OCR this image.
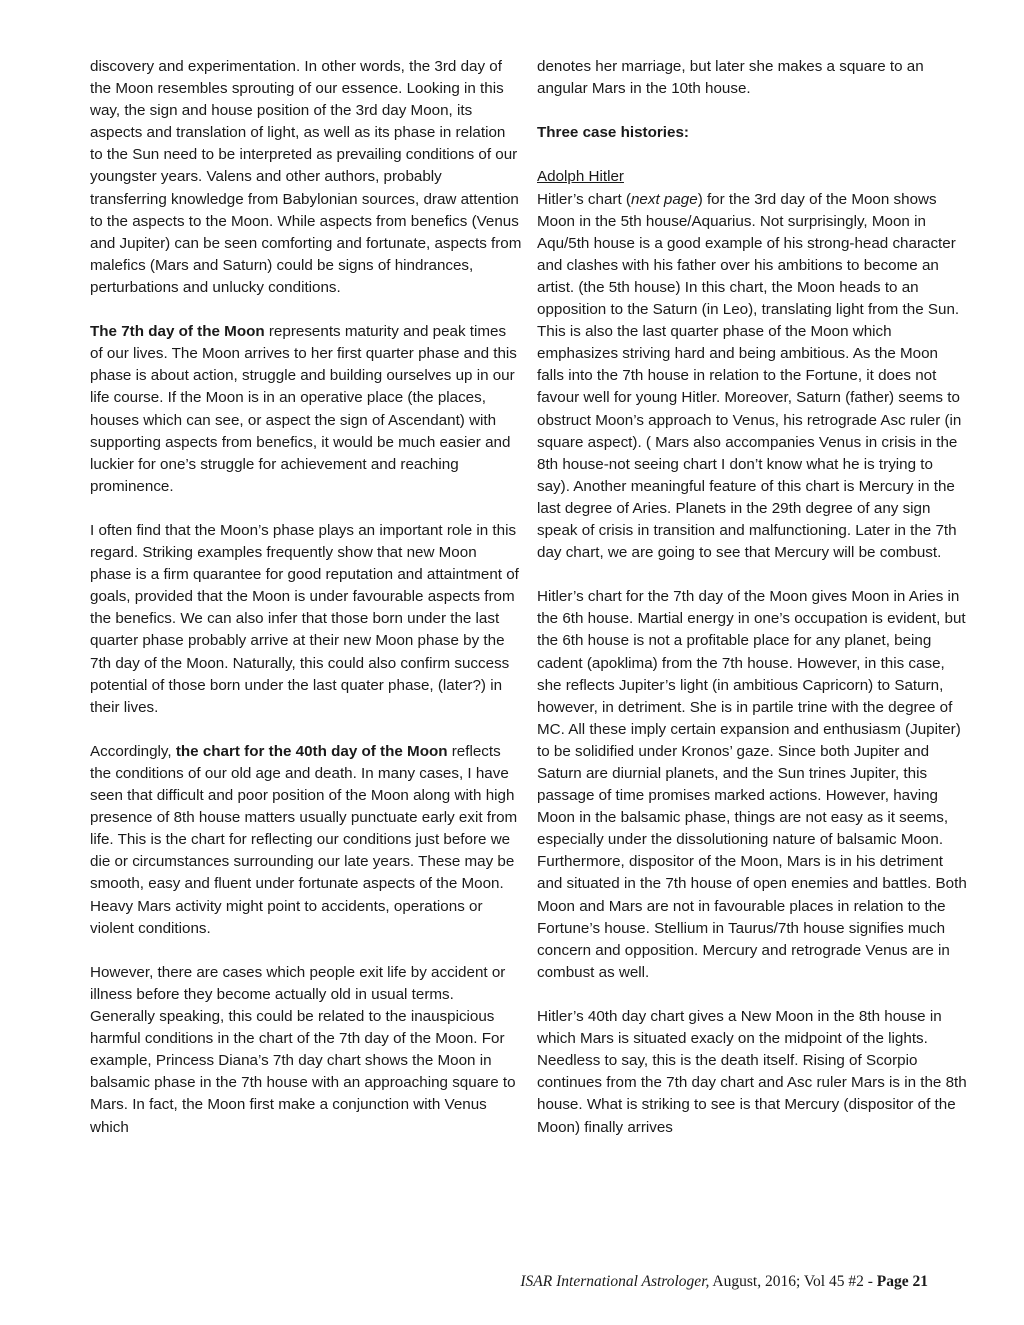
discovery and experimentation. In other words, the 3rd day of the Moon resembles sprouting of our essence. Looking in this way, the sign and house position of the 3rd day Moon, its aspects and translation of light, as well as its phase in relation to the Sun need to be interpreted as prevailing conditions of our youngster years. Valens and other authors, probably transferring knowledge from Babylonian sources, draw attention to the aspects to the Moon. While aspects from benefics (Venus and Jupiter) can be seen comforting and fortunate, aspects from malefics (Mars and Saturn) could be signs of hindrances, perturbations and unlucky conditions.

The 7th day of the Moon represents maturity and peak times of our lives. The Moon arrives to her first quarter phase and this phase is about action, struggle and building ourselves up in our life course. If the Moon is in an operative place (the places, houses which can see, or aspect the sign of Ascendant) with supporting aspects from benefics, it would be much easier and luckier for one’s struggle for achievement and reaching prominence.

I often find that the Moon’s phase plays an important role in this regard. Striking examples frequently show that new Moon phase is a firm quarantee for good reputation and attaintment of goals, provided that the Moon is under favourable aspects from the benefics. We can also infer that those born under the last quarter phase probably arrive at their new Moon phase by the 7th day of the Moon. Naturally, this could also confirm success potential of those born under the last quater phase, (later?) in their lives.

Accordingly, the chart for the 40th day of the Moon reflects the conditions of our old age and death. In many cases, I have seen that difficult and poor position of the Moon along with high presence of 8th house matters usually punctuate early exit from life. This is the chart for reflecting our conditions just before we die or circumstances surrounding our late years. These may be smooth, easy and fluent under fortunate aspects of the Moon. Heavy Mars activity might point to accidents, operations or violent conditions.

However, there are cases which people exit life by accident or illness before they become actually old in usual terms. Generally speaking, this could be related to the inauspicious harmful conditions in the chart of the 7th day of the Moon. For example, Princess Diana’s 7th day chart shows the Moon in balsamic phase in the 7th house with an approaching square to Mars. In fact, the Moon first make a conjunction with Venus which

denotes her marriage, but later she makes a square to an angular Mars in the 10th house.

Three case histories:

Adolph Hitler

Hitler’s chart (next page) for the 3rd day of the Moon shows Moon in the 5th house/Aquarius. Not surprisingly, Moon in Aqu/5th house is a good example of his strong-head character and clashes with his father over his ambitions to become an artist. (the 5th house) In this chart, the Moon heads to an opposition to the Saturn (in Leo), translating light from the Sun. This is also the last quarter phase of the Moon which emphasizes striving hard and being ambitious. As the Moon falls into the 7th house in relation to the Fortune, it does not favour well for young Hitler. Moreover, Saturn (father) seems to obstruct Moon’s approach to Venus, his retrograde Asc ruler (in square aspect). ( Mars also accompanies Venus in crisis in the 8th house-not seeing chart I don’t know what he is trying to say). Another meaningful feature of this chart is Mercury in the last degree of Aries. Planets in the 29th degree of any sign speak of crisis in transition and malfunctioning. Later in the 7th day chart, we are going to see that Mercury will be combust.

Hitler’s chart for the 7th day of the Moon gives Moon in Aries in the 6th house. Martial energy in one’s occupation is evident, but the 6th house is not a profitable place for any planet, being cadent (apoklima) from the 7th house. However, in this case, she reflects Jupiter’s light (in ambitious Capricorn) to Saturn, however, in detriment. She is in partile trine with the degree of MC. All these imply certain expansion and enthusiasm (Jupiter) to be solidified under Kronos’ gaze. Since both Jupiter and Saturn are diurnial planets, and the Sun trines Jupiter, this passage of time promises marked actions. However, having Moon in the balsamic phase, things are not easy as it seems, especially under the dissolutioning nature of balsamic Moon. Furthermore, dispositor of the Moon, Mars is in his detriment and situated in the 7th house of open enemies and battles. Both Moon and Mars are not in favourable places in relation to the Fortune’s house. Stellium in Taurus/7th house signifies much concern and opposition. Mercury and retrograde Venus are in combust as well.

Hitler’s 40th day chart gives a New Moon in the 8th house in which Mars is situated exacly on the midpoint of the lights. Needless to say, this is the death itself. Rising of Scorpio continues from the 7th day chart and Asc ruler Mars is in the 8th house. What is striking to see is that Mercury (dispositor of the Moon) finally arrives

ISAR International Astrologer, August, 2016; Vol 45 #2 - Page 21
